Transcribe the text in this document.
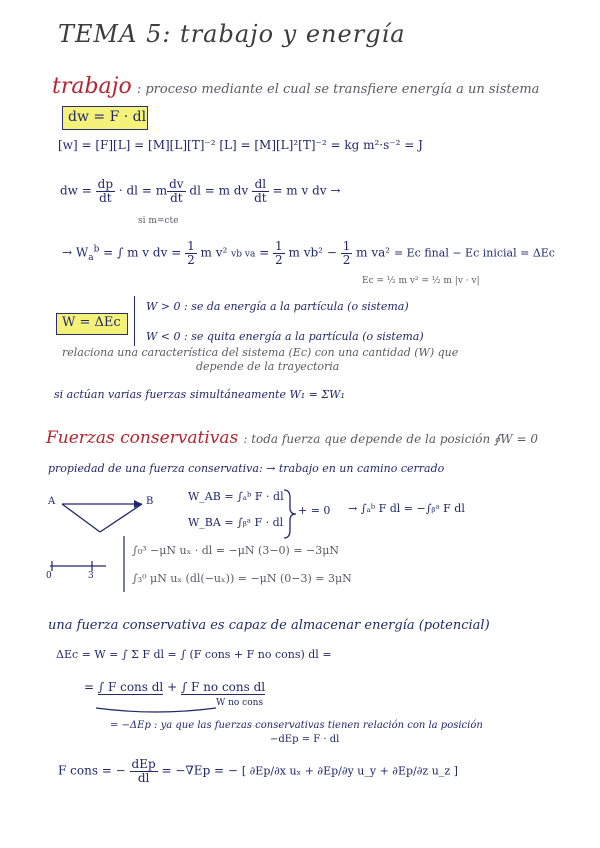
TEMA 5: trabajo y energía
trabajo : proceso mediante el cual se transfiere energía a un sistema
dw = F · dl
[w] = [F][L] = [M][L][T]⁻² [L] = [M][L]²[T]⁻² = kg m²·s⁻² = J
dw = $\frac{dp}{dt}$ · dl = m $\frac{dv}{dt}$ dl = m dv $\frac{dl}{dt} = m$ v dv →
si m=cte
→ $W_a^b$ = ∫ m v dv = $\frac{1}{2}$ m v² vb va = $\frac{1}{2}$ m $vb^2 - \frac{1}{2}$ m va² = Ec final − Ec inicial = ΔEc
Ec = ½ m v² = ½ m |v · v|
W = ΔEc
W > 0 : se da energía a la partícula (o sistema)
W < 0 : se quita energía a la partícula (o sistema)
relaciona una característica del sistema (Ec) con una cantidad (W) que
depende de la trayectoria
si actúan varias fuerzas simultáneamente W₁ = ΣW₁
Fuerzas conservativas : toda fuerza que depende de la posición ∮W = 0
propiedad de una fuerza conservativa: → trabajo en un camino cerrado
A	B	W_AB = ∫ₐᵇ F · dl
W_BA = ∫ᵦᵃ F · dl
+ = 0 → ∫ₐᵇ F dl = −∫ᵦᵃ F dl
0	3
∫₀³ −μN uₓ · dl = −μN (3−0) = −3μN
∫₃⁰ μN uₓ (dl(−uₓ)) = −μN (0−3) = 3μN
una fuerza conservativa es capaz de almacenar energía (potencial)
ΔEc = W = ∫ Σ F dl = ∫ (F cons + F no cons) dl =
= ∫ F cons dl + ∫ F no cons dl
W no cons
= −ΔEp : ya que las fuerzas conservativas tienen relación con la posición
−dEp = F · dl
F cons = − $\frac{\text{dEp}}{dl} = -\nabla Ep$ = − [ ∂Ep/∂x uₓ + ∂Ep/∂y u_y + ∂Ep/∂z u_z ]
